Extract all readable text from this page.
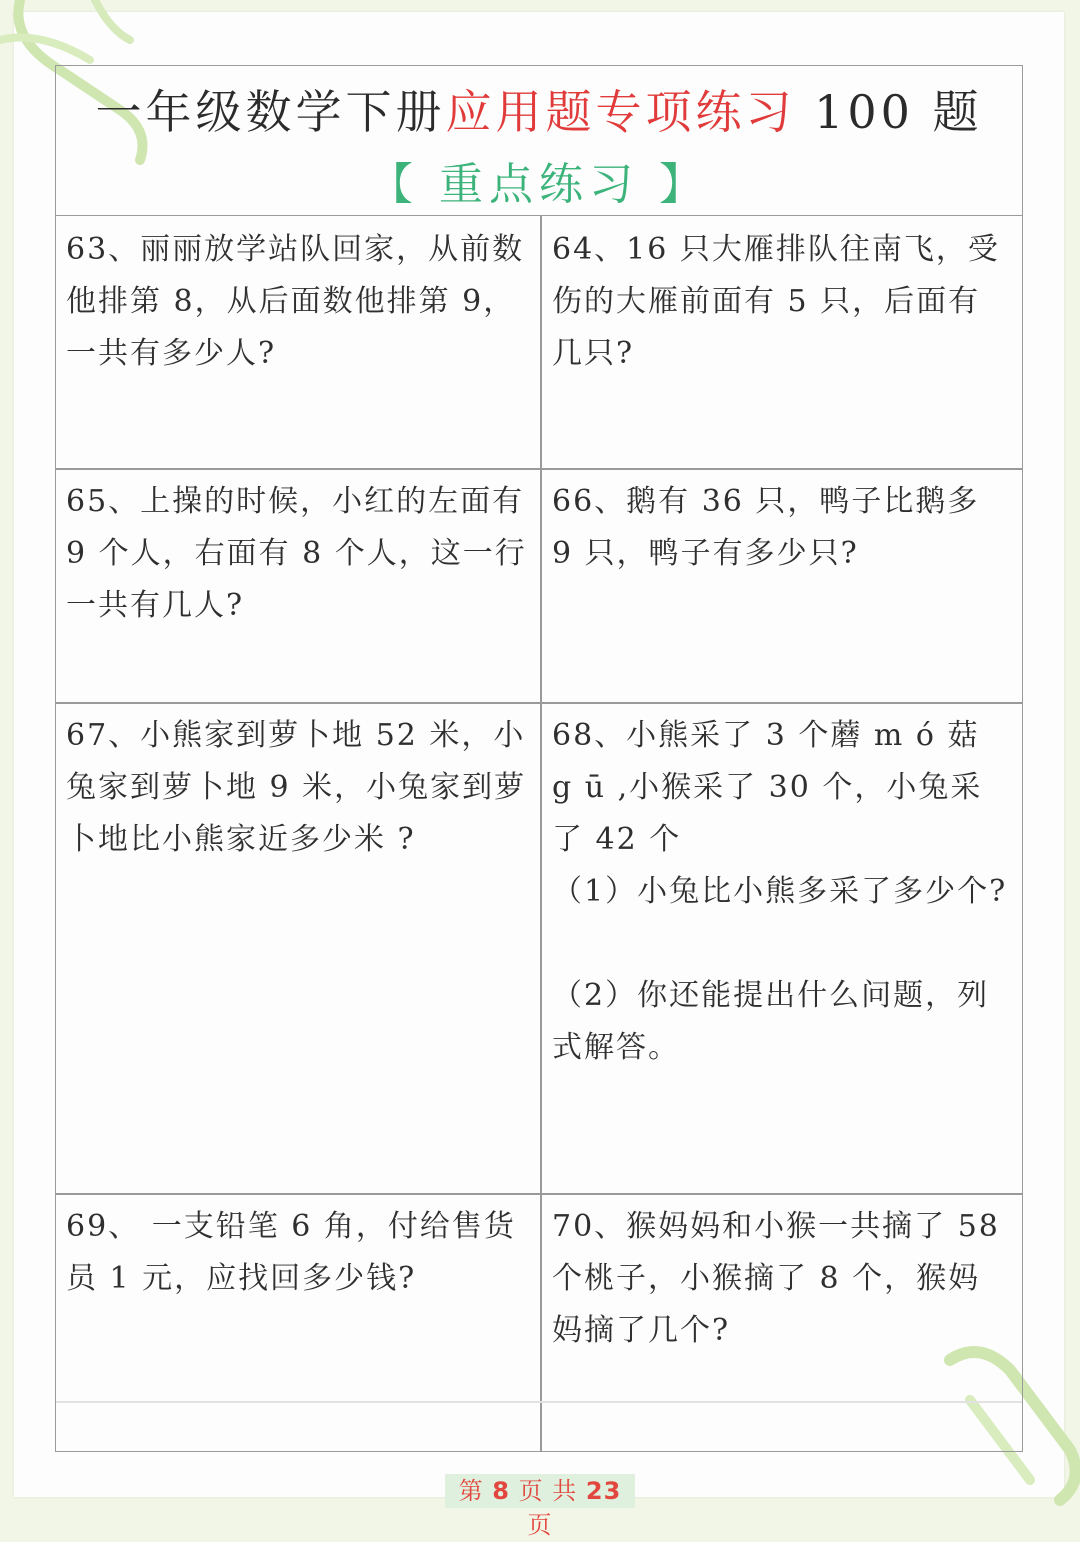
一年级数学下册应用题专项练习 100 题
【 重点练习 】

63、丽丽放学站队回家，从前数他排第 8，从后面数他排第 9， 一共有多少人?

64、16 只大雁排队往南飞，受伤的大雁前面有 5 只，后面有几只?

65、上操的时候，小红的左面有 9 个人，右面有 8 个人，这一行一共有几人?

66、鹅有 36 只，鸭子比鹅多 9 只，鸭子有多少只?

67、小熊家到萝卜地 52 米，小兔家到萝卜地 9 米，小兔家到萝卜地比小熊家近多少米 ?

68、小熊采了 3 个蘑 m ó 菇 g ū ,小猴采了 30 个，小兔采了 42 个

（1）小兔比小熊多采了多少个?

（2）你还能提出什么问题，列式解答。

69、 一支铅笔 6 角，付给售货员 1 元，应找回多少钱?

70、猴妈妈和小猴一共摘了 58 个桃子，小猴摘了 8 个，猴妈妈摘了几个?

第 8 页 共 23 页
